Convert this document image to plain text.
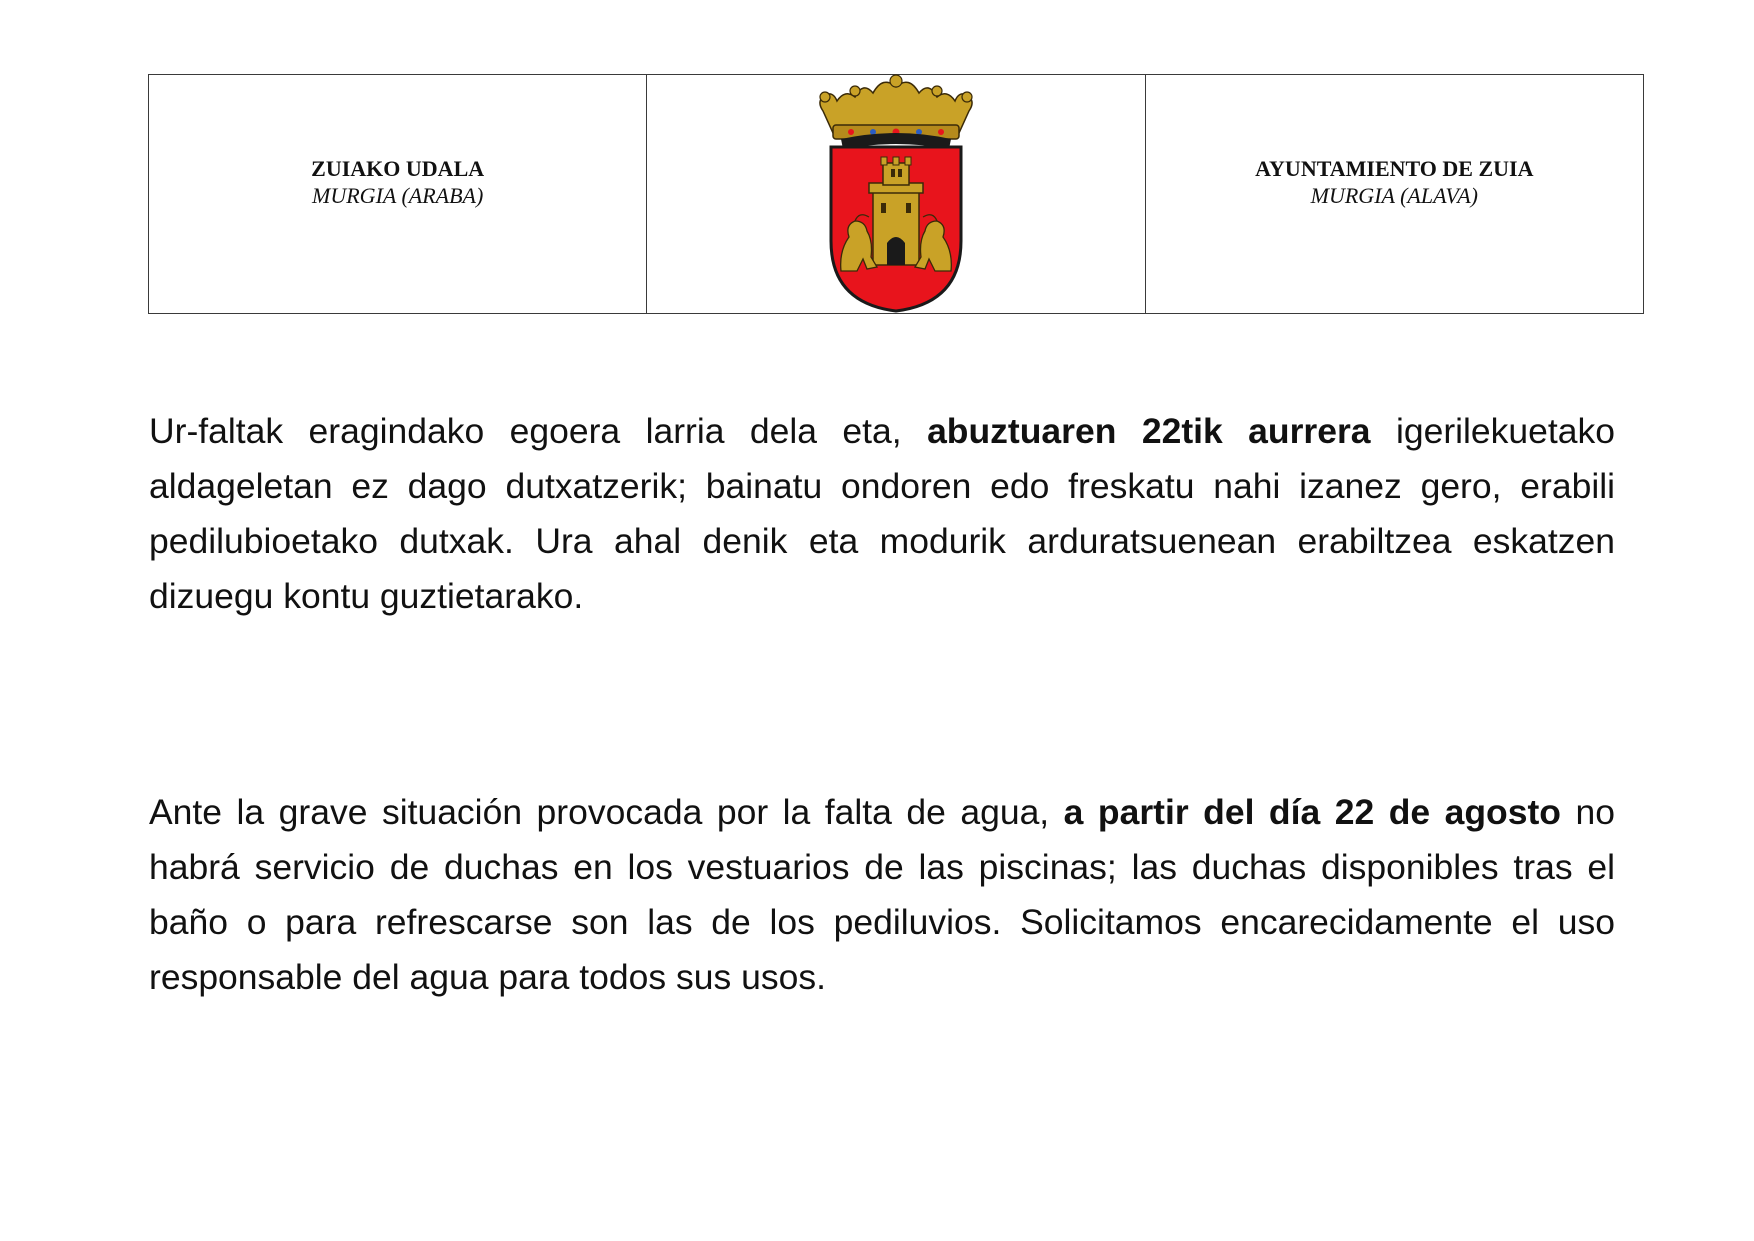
ZUIAKO UDALA
MURGIA (ARABA)

AYUNTAMIENTO DE ZUIA
MURGIA (ALAVA)

Ur-faltak eragindako egoera larria dela eta, abuztuaren 22tik aurrera igerilekuetako aldageletan ez dago dutxatzerik; bainatu ondoren edo freskatu nahi izanez gero, erabili pedilubioetako dutxak. Ura ahal denik eta modurik arduratsuenean erabiltzea eskatzen dizuegu kontu guztietarako.

Ante la grave situación provocada por la falta de agua, a partir del día 22 de agosto no habrá servicio de duchas en los vestuarios de las piscinas; las duchas disponibles tras el baño o para refrescarse son las de los pediluvios. Solicitamos encarecidamente el uso responsable del agua para todos sus usos.
